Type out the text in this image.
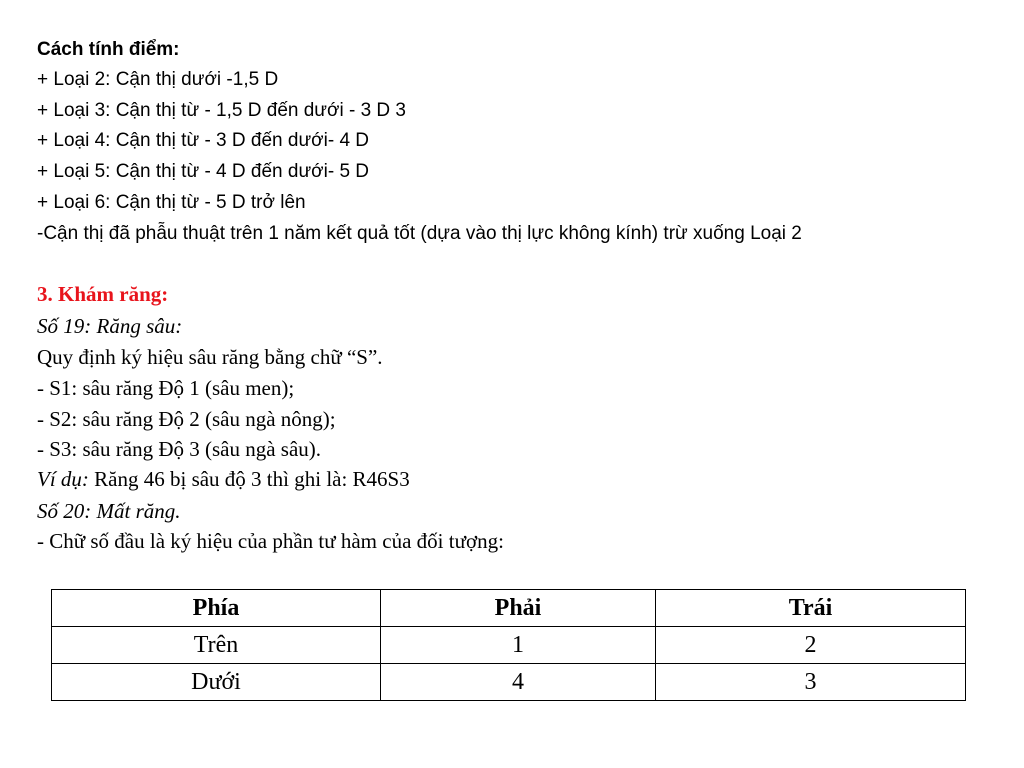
Cách tính điểm:
+ Loại 2: Cận thị dưới -1,5 D
+ Loại 3: Cận thị từ - 1,5 D đến dưới - 3 D 3
+ Loại 4: Cận thị từ - 3 D đến dưới- 4 D
+ Loại 5: Cận thị từ - 4 D đến dưới- 5 D
+ Loại 6: Cận thị từ - 5 D trở lên
-Cận thị đã phẫu thuật trên 1 năm kết quả tốt (dựa vào thị lực không kính) trừ xuống Loại 2
3. Khám răng:
Số 19: Răng sâu:
Quy định ký hiệu sâu răng bằng chữ “S”.
- S1: sâu răng Độ 1 (sâu men);
- S2: sâu răng Độ 2 (sâu ngà nông);
- S3: sâu răng Độ 3 (sâu ngà sâu).
Ví dụ: Răng 46 bị sâu độ 3 thì ghi là: R46S3
Số 20: Mất răng.
- Chữ số đầu là ký hiệu của phần tư hàm của đối tượng:
Phía	Phải	Trái
Trên	1	2
Dưới	4	3
